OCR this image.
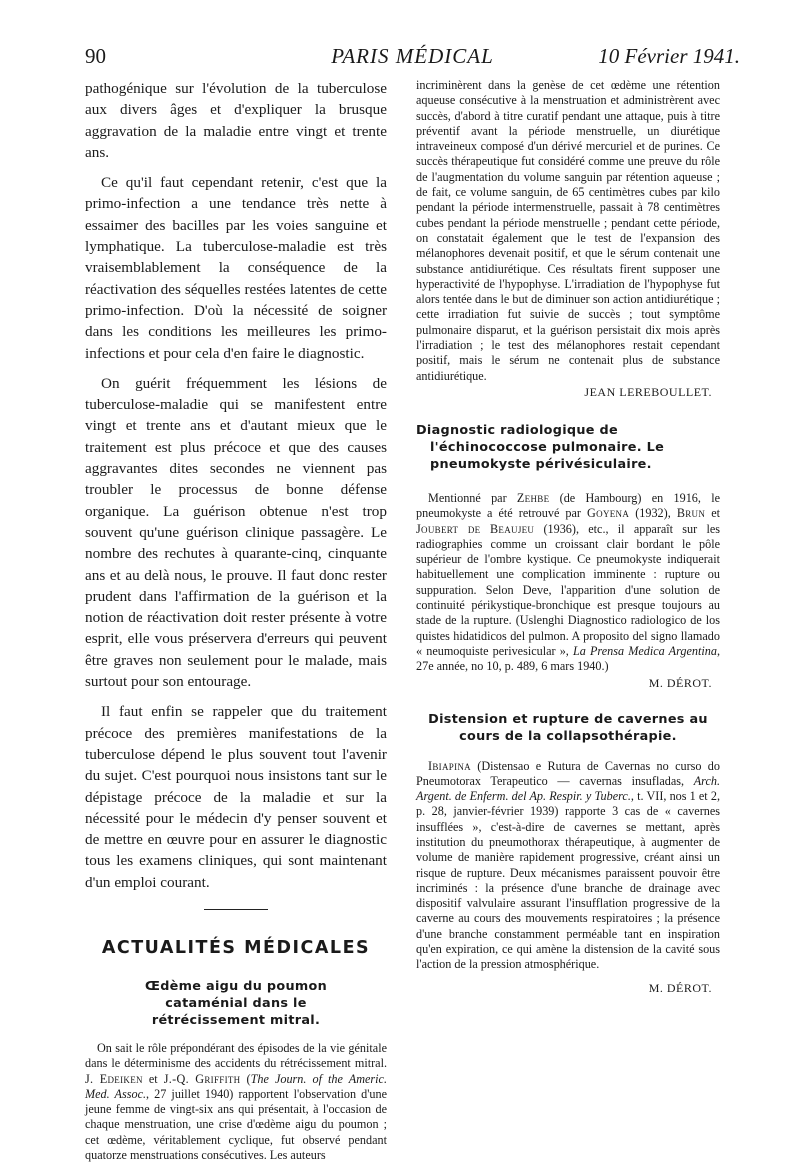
90	PARIS MÉDICAL	10 Février 1941.

pathogénique sur l'évolution de la tuberculose aux divers âges et d'expliquer la brusque aggravation de la maladie entre vingt et trente ans.

Ce qu'il faut cependant retenir, c'est que la primo-infection a une tendance très nette à essaimer des bacilles par les voies sanguine et lymphatique. La tuberculose-maladie est très vraisemblablement la conséquence de la réactivation des séquelles restées latentes de cette primo-infection. D'où la nécessité de soigner dans les conditions les meilleures les primo-infections et pour cela d'en faire le diagnostic.

On guérit fréquemment les lésions de tuberculose-maladie qui se manifestent entre vingt et trente ans et d'autant mieux que le traitement est plus précoce et que des causes aggravantes dites secondes ne viennent pas troubler le processus de bonne défense organique. La guérison obtenue n'est trop souvent qu'une guérison clinique passagère. Le nombre des rechutes à quarante-cinq, cinquante ans et au delà nous, le prouve. Il faut donc rester prudent dans l'affirmation de la guérison et la notion de réactivation doit rester présente à votre esprit, elle vous préservera d'erreurs qui peuvent être graves non seulement pour le malade, mais surtout pour son entourage.

Il faut enfin se rappeler que du traitement précoce des premières manifestations de la tuberculose dépend le plus souvent tout l'avenir du sujet. C'est pourquoi nous insistons tant sur le dépistage précoce de la maladie et sur la nécessité pour le médecin d'y penser souvent et de mettre en œuvre pour en assurer le diagnostic tous les examens cliniques, qui sont maintenant d'un emploi courant.

ACTUALITÉS MÉDICALES

Œdème aigu du poumon cataménial dans le rétrécissement mitral.

On sait le rôle prépondérant des épisodes de la vie génitale dans le déterminisme des accidents du rétrécissement mitral. J. Edeiken et J.-Q. Griffith (The Journ. of the Americ. Med. Assoc., 27 juillet 1940) rapportent l'observation d'une jeune femme de vingt-six ans qui présentait, à l'occasion de chaque menstruation, une crise d'œdème aigu du poumon ; cet œdème, véritablement cyclique, fut observé pendant quatorze menstruations consécutives. Les auteurs

incriminèrent dans la genèse de cet œdème une rétention aqueuse consécutive à la menstruation et administrèrent avec succès, d'abord à titre curatif pendant une attaque, puis à titre préventif avant la période menstruelle, un diurétique intraveineux composé d'un dérivé mercuriel et de purines. Ce succès thérapeutique fut considéré comme une preuve du rôle de l'augmentation du volume sanguin par rétention aqueuse ; de fait, ce volume sanguin, de 65 centimètres cubes par kilo pendant la période intermenstruelle, passait à 78 centimètres cubes pendant la période menstruelle ; pendant cette période, on constatait également que le test de l'expansion des mélanophores devenait positif, et que le sérum contenait une substance antidiurétique. Ces résultats firent supposer une hyperactivité de l'hypophyse. L'irradiation de l'hypophyse fut alors tentée dans le but de diminuer son action antidiurétique ; cette irradiation fut suivie de succès ; tout symptôme pulmonaire disparut, et la guérison persistait dix mois après l'irradiation ; le test des mélanophores restait cependant positif, mais le sérum ne contenait plus de substance antidiurétique.

JEAN LEREBOULLET.

Diagnostic radiologique de l'échinococcose pulmonaire. Le pneumokyste périvésiculaire.

Mentionné par Zehbe (de Hambourg) en 1916, le pneumokyste a été retrouvé par Goyena (1932), Brun et Joubert de Beaujeu (1936), etc., il apparaît sur les radiographies comme un croissant clair bordant le pôle supérieur de l'ombre kystique. Ce pneumokyste indiquerait habituellement une complication imminente : rupture ou suppuration. Selon Deve, l'apparition d'une solution de continuité périkystique-bronchique est presque toujours au stade de la rupture. (Uslenghi Diagnostico radiologico de los quistes hidatidicos del pulmon. A proposito del signo llamado « neumoquiste perivesicular », La Prensa Medica Argentina, 27e année, no 10, p. 489, 6 mars 1940.)

M. DÉROT.

Distension et rupture de cavernes au cours de la collapsothérapie.

Ibiapina (Distensao e Rutura de Cavernas no curso do Pneumotorax Terapeutico — cavernas insufladas, Arch. Argent. de Enferm. del Ap. Respir. y Tuberc., t. VII, nos 1 et 2, p. 28, janvier-février 1939) rapporte 3 cas de « cavernes insufflées », c'est-à-dire de cavernes se mettant, après institution du pneumothorax thérapeutique, à augmenter de volume de manière rapidement progressive, créant ainsi un risque de rupture. Deux mécanismes paraissent pouvoir être incriminés : la présence d'une branche de drainage avec dispositif valvulaire assurant l'insufflation progressive de la caverne au cours des mouvements respiratoires ; la présence d'une branche constamment perméable tant en inspiration qu'en expiration, ce qui amène la distension de la cavité sous l'action de la pression atmosphérique.

M. DÉROT.
